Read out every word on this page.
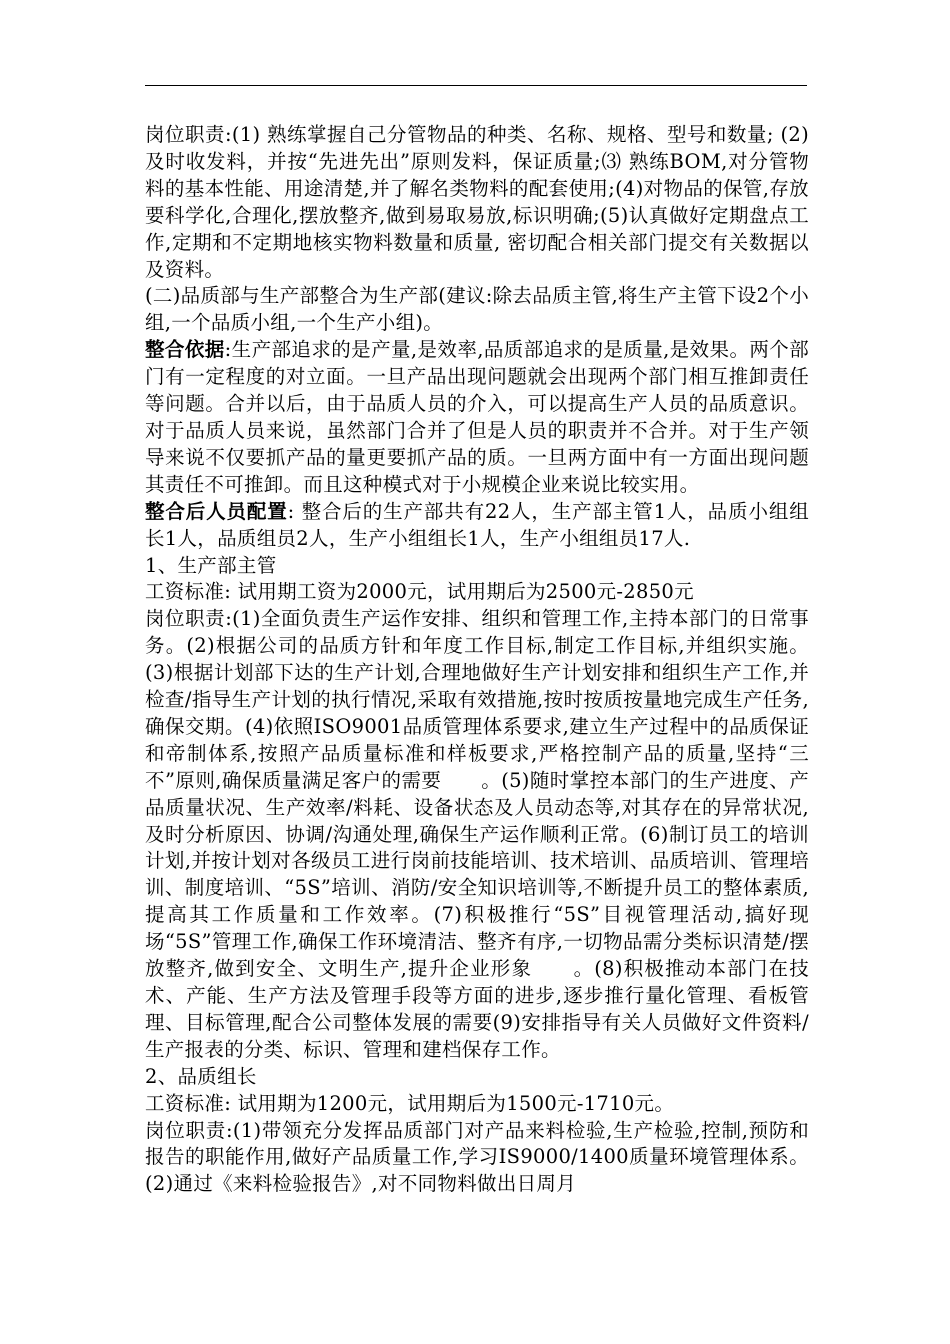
岗位职责:(1) 熟练掌握自己分管物品的种类、名称、规格、型号和数量; (2) 及时收发料，并按“先进先出”原则发料，保证质量;⑶ 熟练BOM,对分管物料的基本性能、用途清楚,并了解名类物料的配套使用;(4)对物品的保管,存放要科学化,合理化,摆放整齐,做到易取易放,标识明确;(5)认真做好定期盘点工作,定期和不定期地核实物料数量和质量, 密切配合相关部门提交有关数据以及资料。

(二)品质部与生产部整合为生产部(建议:除去品质主管,将生产主管下设2个小组,一个品质小组,一个生产小组)。

整合依据:生产部追求的是产量,是效率,品质部追求的是质量,是效果。两个部门有一定程度的对立面。一旦产品出现问题就会出现两个部门相互推卸责任等问题。合并以后，由于品质人员的介入，可以提高生产人员的品质意识。对于品质人员来说，虽然部门合并了但是人员的职责并不合并。对于生产领导来说不仅要抓产品的量更要抓产品的质。一旦两方面中有一方面出现问题其责任不可推卸。而且这种模式对于小规模企业来说比较实用。

整合后人员配置: 整合后的生产部共有22人，生产部主管1人，品质小组组长1人，品质组员2人，生产小组组长1人，生产小组组员17人.

1、生产部主管

工资标准: 试用期工资为2000元，试用期后为2500元-2850元

岗位职责:(1)全面负责生产运作安排、组织和管理工作,主持本部门的日常事务。(2)根据公司的品质方针和年度工作目标,制定工作目标,并组织实施。(3)根据计划部下达的生产计划,合理地做好生产计划安排和组织生产工作,并检查/指导生产计划的执行情况,采取有效措施,按时按质按量地完成生产任务,确保交期。(4)依照ISO9001品质管理体系要求,建立生产过程中的品质保证和帝制体系,按照产品质量标准和样板要求,严格控制产品的质量,坚持“三不”原则,确保质量满足客户的需要　　。(5)随时掌控本部门的生产进度、产品质量状况、生产效率/料耗、设备状态及人员动态等,对其存在的异常状况,及时分析原因、协调/沟通处理,确保生产运作顺利正常。(6)制订员工的培训计划,并按计划对各级员工进行岗前技能培训、技术培训、品质培训、管理培训、制度培训、“5S”培训、消防/安全知识培训等,不断提升员工的整体素质,提高其工作质量和工作效率。(7)积极推行“5S”目视管理活动,搞好现场“5S”管理工作,确保工作环境清洁、整齐有序,一切物品需分类标识清楚/摆放整齐,做到安全、文明生产,提升企业形象　　。(8)积极推动本部门在技术、产能、生产方法及管理手段等方面的进步,逐步推行量化管理、看板管理、目标管理,配合公司整体发展的需要(9)安排指导有关人员做好文件资料/生产报表的分类、标识、管理和建档保存工作。

2、品质组长

工资标准: 试用期为1200元，试用期后为1500元-1710元。

岗位职责:(1)带领充分发挥品质部门对产品来料检验,生产检验,控制,预防和报告的职能作用,做好产品质量工作,学习IS9000/1400质量环境管理体系。(2)通过《来料检验报告》,对不同物料做出日周月
